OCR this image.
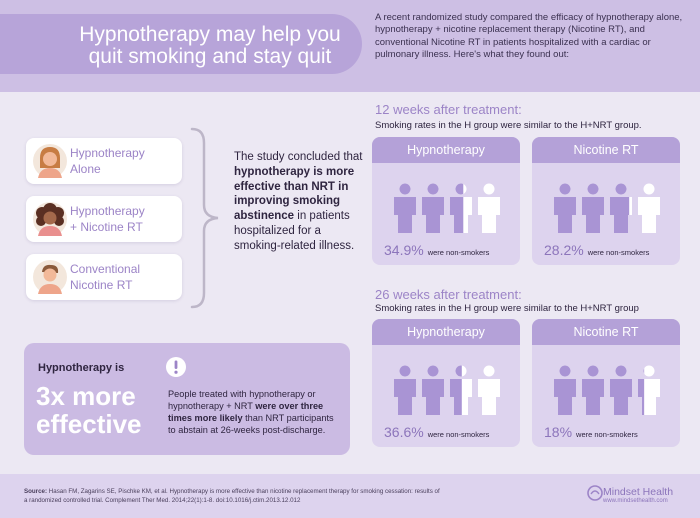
Hypnotherapy may help you
quit smoking and stay quit
A recent randomized study compared the efficacy of hypnotherapy alone, hypnotherapy + nicotine replacement therapy (Nicotine RT), and conventional Nicotine RT in patients hospitalized with a cardiac or pulmonary illness. Here's what they found out:
Hypnotherapy
Alone
Hypnotherapy
+ Nicotine RT
Conventional
Nicotine RT
The study concluded that hypnotherapy is more effective than NRT in improving smoking abstinence in patients hospitalized for a smoking-related illness.
Hypnotherapy is
3x more
effective
People treated with hypnotherapy or hypnotherapy + NRT were over three times more likely than NRT participants to abstain at 26-weeks post-discharge.
12 weeks after treatment:
Smoking rates in the H group were similar to the H+NRT group.
Hypnotherapy
34.9% were non-smokers
Nicotine RT
28.2% were non-smokers
26 weeks after treatment:
Smoking rates in the H group were similar to the H+NRT group
Hypnotherapy
36.6% were non-smokers
Nicotine RT
18% were non-smokers
Source: Hasan FM, Zagarins SE, Pischke KM, et al. Hypnotherapy is more effective than nicotine replacement therapy for smoking cessation: results of a randomized controlled trial. Complement Ther Med. 2014;22(1):1-8. doi:10.1016/j.ctim.2013.12.012
Mindset Health
www.mindsethealth.com
